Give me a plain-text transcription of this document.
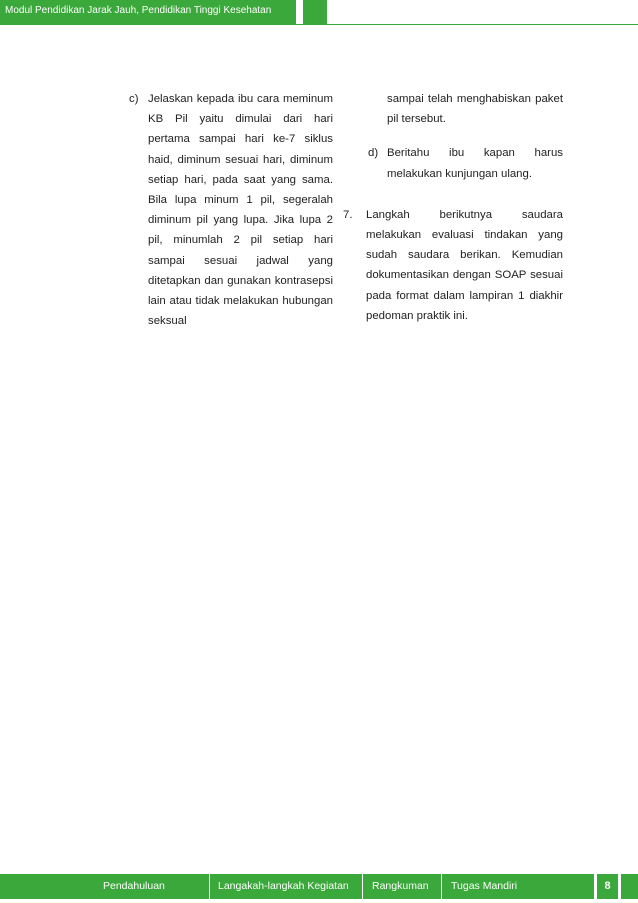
Modul Pendidikan Jarak Jauh, Pendidikan Tinggi Kesehatan
c) Jelaskan kepada ibu cara meminum KB Pil yaitu dimulai dari hari pertama sampai hari ke-7 siklus haid, diminum sesuai hari, diminum setiap hari, pada saat yang sama. Bila lupa minum 1 pil, segeralah diminum pil yang lupa. Jika lupa 2 pil, minumlah 2 pil setiap hari sampai sesuai jadwal yang ditetapkan dan gunakan kontrasepsi lain atau tidak melakukan hubungan seksual
sampai telah menghabiskan paket pil tersebut.
d) Beritahu ibu kapan harus melakukan kunjungan ulang.
7. Langkah berikutnya saudara melakukan evaluasi tindakan yang sudah saudara berikan. Kemudian dokumentasikan dengan SOAP sesuai pada format dalam lampiran 1 diakhir pedoman praktik ini.
Pendahuluan	Langakah-langkah Kegiatan Rangkuman Tugas Mandiri	8
